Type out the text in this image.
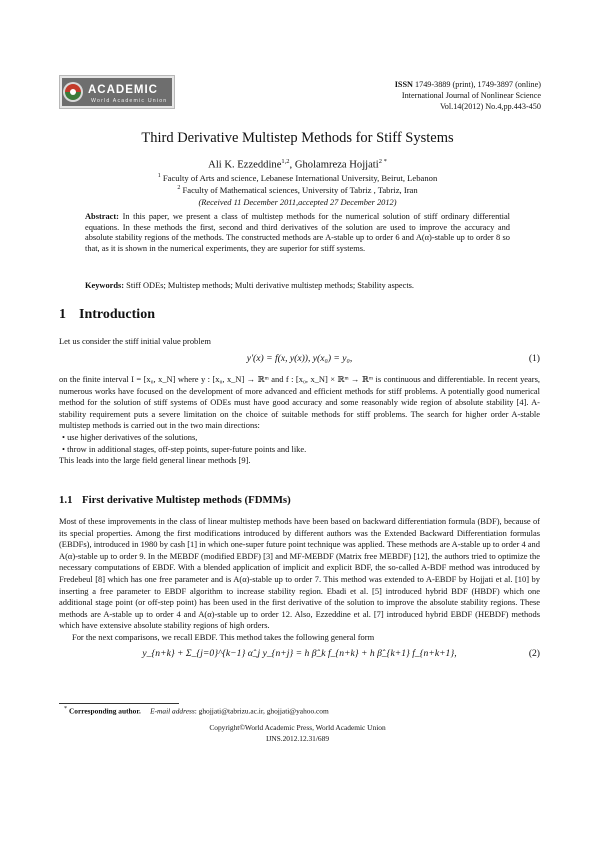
ACADEMIC
World Academic Union
ISSN 1749-3889 (print), 1749-3897 (online)
International Journal of Nonlinear Science
Vol.14(2012) No.4,pp.443-450
Third Derivative Multistep Methods for Stiff Systems
Ali K. Ezzeddine$^{1,2}$, Gholamreza Hojjati$^{2 *}$
$^1$ Faculty of Arts and science, Lebanese International University, Beirut, Lebanon
$^2$ Faculty of Mathematical sciences, University of Tabriz , Tabriz, Iran
(Received 11 December 2011,accepted 27 December 2012)
Abstract: In this paper, we present a class of multistep methods for the numerical solution of stiff ordinary differential equations. In these methods the first, second and third derivatives of the solution are used to improve the accuracy and absolute stability regions of the methods. The constructed methods are A-stable up to order 6 and A(α)-stable up to order 8 so that, as it is shown in the numerical experiments, they are superior for stiff systems.
Keywords: Stiff ODEs; Multistep methods; Multi derivative multistep methods; Stability aspects.
1 Introduction
Let us consider the stiff initial value problem
y′(x) = f(x, y(x)), y(x₀) = y₀,	(1)

on the finite interval I = [x₀, x_N] where y : [x₀, x_N] → ℝᵐ and f : [x₀, x_N] × ℝᵐ → ℝᵐ is continuous and differentiable. In recent years, numerous works have focused on the development of more advanced and efficient methods for stiff problems. A potentially good numerical method for the solution of stiff systems of ODEs must have good accuracy and some reasonably wide region of absolute stability [4]. A-stability requirement puts a severe limitation on the choice of suitable methods for stiff problems. The search for higher order A-stable multistep methods is carried out in the two main directions:

• use higher derivatives of the solutions,
• throw in additional stages, off-step points, super-future points and like.

This leads into the large field general linear methods [9].

1.1 First derivative Multistep methods (FDMMs)

Most of these improvements in the class of linear multistep methods have been based on backward differentiation formula (BDF), because of its special properties. Among the first modifications introduced by different authors was the Extended Backward Differentiation formulas (EBDFs), introduced in 1980 by cash [1] in which one-super future point technique was applied. These methods are A-stable up to order 4 and A(α)-stable up to order 9. In the MEBDF (modified EBDF) [3] and MF-MEBDF (Matrix free MEBDF) [12], the authors tried to optimize the necessary computations of EBDF. With a blended application of implicit and explicit BDF, the so-called A-BDF method was introduced by Fredebeul [8] which has one free parameter and is A(α)-stable up to order 7. This method was extended to A-EBDF by Hojjati et al. [10] by inserting a free parameter to EBDF algorithm to increase stability region. Ebadi et al. [5] introduced hybrid BDF (HBDF) which one additional stage point (or off-step point) has been used in the first derivative of the solution to improve the absolute stability regions. These methods are A-stable up to order 4 and A(α)-stable up to order 12. Also, Ezzeddine et al. [7] introduced hybrid EBDF (HEBDF) methods which have extensive absolute stability regions of high orders.

For the next comparisons, we recall EBDF. This method takes the following general form

y_{n+k} + Σ_{j=0}^{k−1} α̂_j y_{n+j} = h β̂_k f_{n+k} + h β̂_{k+1} f_{n+k+1},	(2)
* Corresponding author. E-mail address: ghojjati@tabrizu.ac.ir, ghojjati@yahoo.com
Copyright©World Academic Press, World Academic Union
IJNS.2012.12.31/689
